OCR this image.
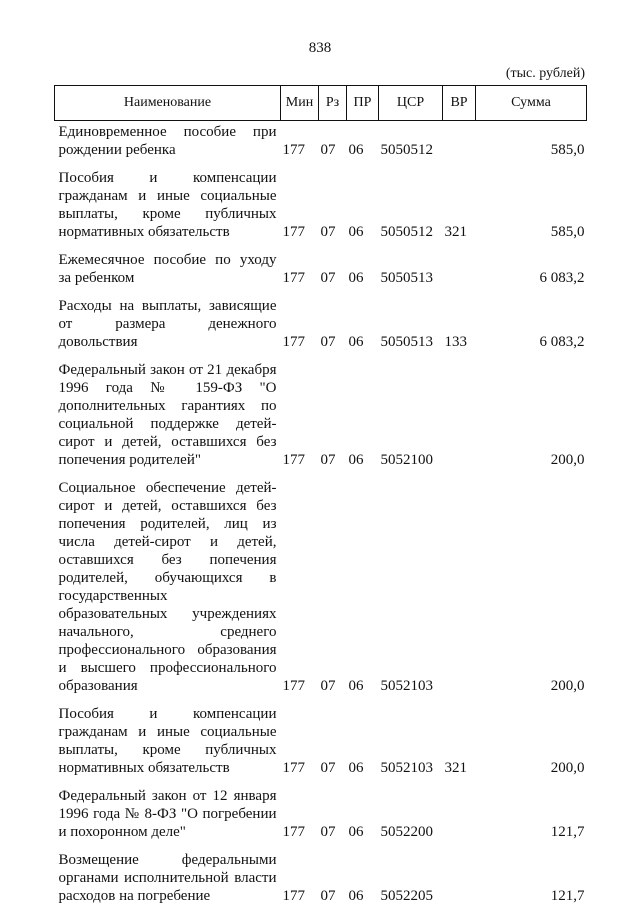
838
(тыс. рублей)
Наименование	Мин	Рз	ПР	ЦСР	ВР	Сумма
Единовременное пособие при рождении ребенка	177	07	06	5050512		585,0
Пособия и компенсации гражданам и иные социальные выплаты, кроме публичных нормативных обязательств	177	07	06	5050512	321	585,0
Ежемесячное пособие по уходу за ребенком	177	07	06	5050513		6 083,2
Расходы на выплаты, зависящие от размера денежного довольствия	177	07	06	5050513	133	6 083,2
Федеральный закон от 21 декабря 1996 года № 159-ФЗ "О дополнительных гарантиях по социальной поддержке детей-сирот и детей, оставшихся без попечения родителей"	177	07	06	5052100		200,0
Социальное обеспечение детей-сирот и детей, оставшихся без попечения родителей, лиц из числа детей-сирот и детей, оставшихся без попечения родителей, обучающихся в государственных образовательных учреждениях начального, среднего профессионального образования и высшего профессионального образования	177	07	06	5052103		200,0
Пособия и компенсации гражданам и иные социальные выплаты, кроме публичных нормативных обязательств	177	07	06	5052103	321	200,0
Федеральный закон от 12 января 1996 года № 8-ФЗ "О погребении и похоронном деле"	177	07	06	5052200		121,7
Возмещение федеральными органами исполнительной власти расходов на погребение	177	07	06	5052205		121,7
